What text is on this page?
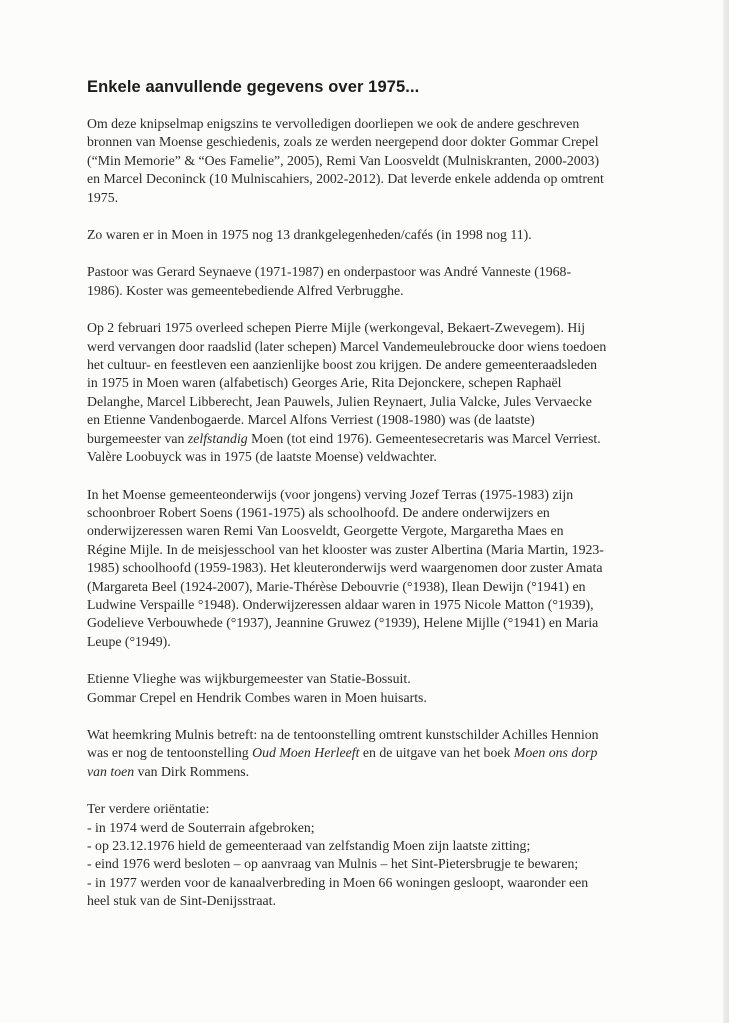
Enkele aanvullende gegevens over 1975...

Om deze knipselmap enigszins te vervolledigen doorliepen we ook de andere geschreven
bronnen van Moense geschiedenis, zoals ze werden neergepend door dokter Gommar Crepel
(“Min Memorie” & “Oes Famelie”, 2005), Remi Van Loosveldt (Mulniskranten, 2000-2003)
en Marcel Deconinck (10 Mulniscahiers, 2002-2012). Dat leverde enkele addenda op omtrent
1975.

Zo waren er in Moen in 1975 nog 13 drankgelegenheden/cafés (in 1998 nog 11).

Pastoor was Gerard Seynaeve (1971-1987) en onderpastoor was André Vanneste (1968-
1986). Koster was gemeentebediende Alfred Verbrugghe.

Op 2 februari 1975 overleed schepen Pierre Mijle (werkongeval, Bekaert-Zwevegem). Hij
werd vervangen door raadslid (later schepen) Marcel Vandemeulebroucke door wiens toedoen
het cultuur- en feestleven een aanzienlijke boost zou krijgen. De andere gemeenteraadsleden
in 1975 in Moen waren (alfabetisch) Georges Arie, Rita Dejonckere, schepen Raphaël
Delanghe, Marcel Libberecht, Jean Pauwels, Julien Reynaert, Julia Valcke, Jules Vervaecke
en Etienne Vandenbogaerde. Marcel Alfons Verriest (1908-1980) was (de laatste)
burgemeester van zelfstandig Moen (tot eind 1976). Gemeentesecretaris was Marcel Verriest.
Valère Loobuyck was in 1975 (de laatste Moense) veldwachter.

In het Moense gemeenteonderwijs (voor jongens) verving Jozef Terras (1975-1983) zijn
schoonbroer Robert Soens (1961-1975) als schoolhoofd. De andere onderwijzers en
onderwijzeressen waren Remi Van Loosveldt, Georgette Vergote, Margaretha Maes en
Régine Mijle. In de meisjesschool van het klooster was zuster Albertina (Maria Martin, 1923-
1985) schoolhoofd (1959-1983). Het kleuteronderwijs werd waargenomen door zuster Amata
(Margareta Beel (1924-2007), Marie-Thérèse Debouvrie (°1938), Ilean Dewijn (°1941) en
Ludwine Verspaille °1948). Onderwijzeressen aldaar waren in 1975 Nicole Matton (°1939),
Godelieve Verbouwhede (°1937), Jeannine Gruwez (°1939), Helene Mijlle (°1941) en Maria
Leupe (°1949).

Etienne Vlieghe was wijkburgemeester van Statie-Bossuit.
Gommar Crepel en Hendrik Combes waren in Moen huisarts.

Wat heemkring Mulnis betreft: na de tentoonstelling omtrent kunstschilder Achilles Hennion
was er nog de tentoonstelling Oud Moen Herleeft en de uitgave van het boek Moen ons dorp
van toen van Dirk Rommens.

Ter verdere oriëntatie:
- in 1974 werd de Souterrain afgebroken;
- op 23.12.1976 hield de gemeenteraad van zelfstandig Moen zijn laatste zitting;
- eind 1976 werd besloten – op aanvraag van Mulnis – het Sint-Pietersbrugje te bewaren;
- in 1977 werden voor de kanaalverbreding in Moen 66 woningen gesloopt, waaronder een
heel stuk van de Sint-Denijsstraat.
